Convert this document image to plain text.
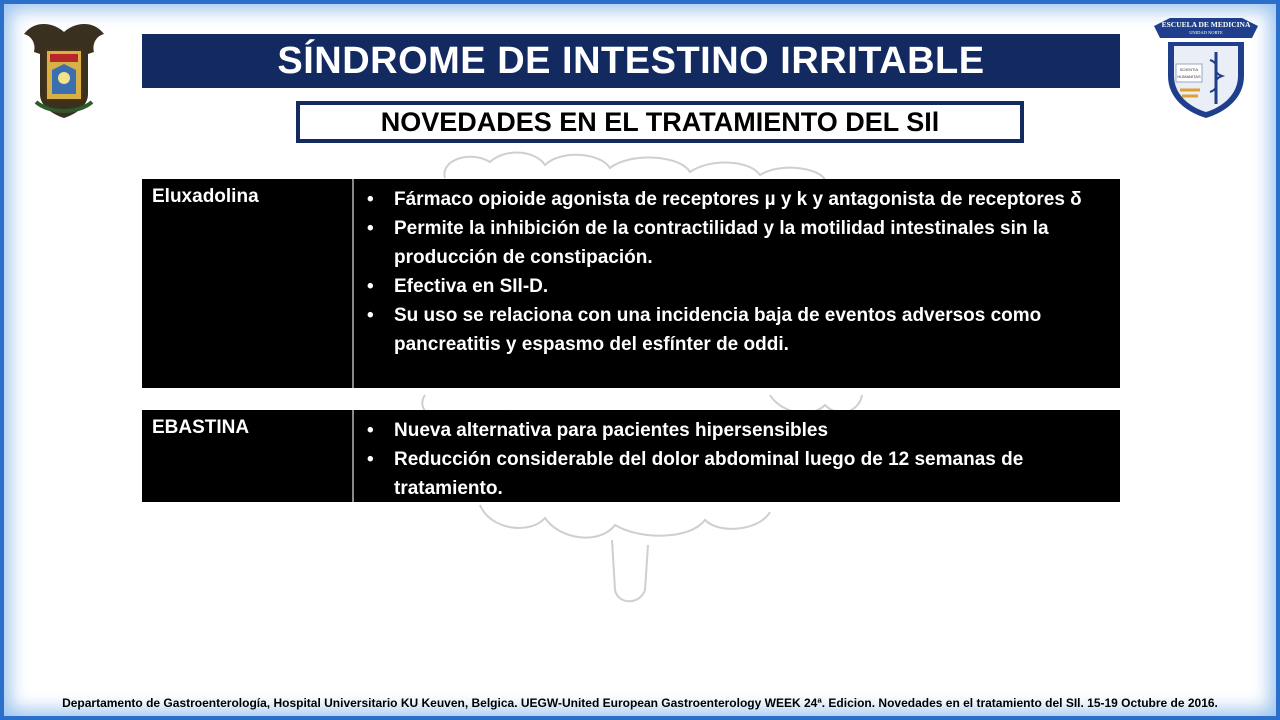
ESCUELA DE MEDICINA
UNIDAD NORTE
SCIENTIA
HUMANITAS
SÍNDROME DE INTESTINO IRRITABLE
NOVEDADES EN EL TRATAMIENTO DEL SIl
Eluxadolina	• Fármaco opioide agonista de receptores µ y k y antagonista de receptores δ
• Permite la inhibición de la contractilidad y la motilidad intestinales sin la producción de constipación.
• Efectiva en SIl-D.
• Su uso se relaciona con una incidencia baja de eventos adversos como pancreatitis y espasmo del esfínter de oddi.
EBASTINA	• Nueva alternativa para pacientes hipersensibles
• Reducción considerable del dolor abdominal luego de 12 semanas de tratamiento.
Departamento de Gastroenterología, Hospital Universitario KU Keuven, Belgica. UEGW-United European Gastroenterology WEEK 24ª. Edicion. Novedades en el tratamiento del SIl. 15-19 Octubre de 2016.
